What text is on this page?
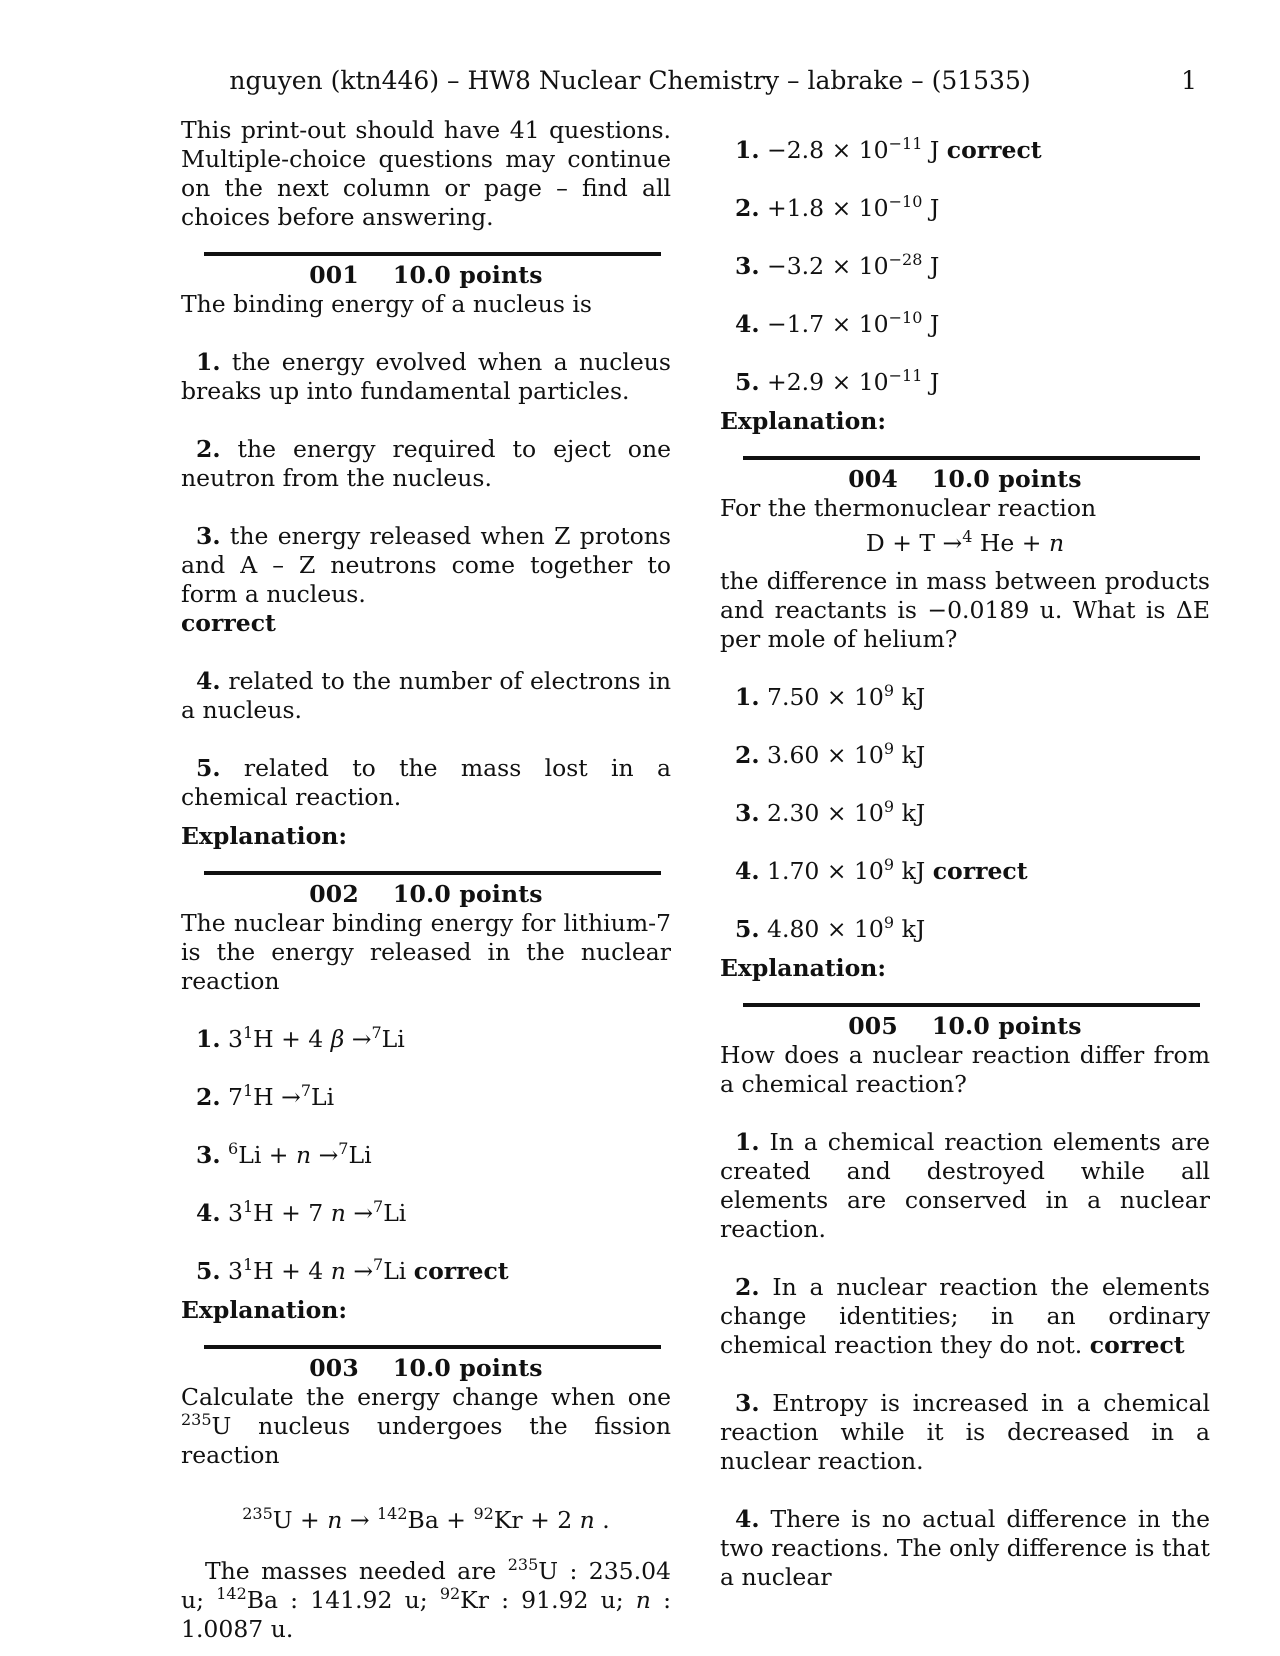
nguyen (ktn446) – HW8 Nuclear Chemistry – labrake – (51535)	1

This print-out should have 41 questions. Multiple-choice questions may continue on the next column or page – find all choices before answering.

001 10.0 points

The binding energy of a nucleus is

1. the energy evolved when a nucleus breaks up into fundamental particles.

2. the energy required to eject one neutron from the nucleus.

3. the energy released when Z protons and A – Z neutrons come together to form a nucleus.
correct

4. related to the number of electrons in a nucleus.

5. related to the mass lost in a chemical reaction.

Explanation:

002 10.0 points

The nuclear binding energy for lithium-7 is the energy released in the nuclear reaction

1. $3^1H + 4$ β →$^7$Li

2. $7^1H \to^7Li$

3. $^6$Li + n →$^7$Li

4. $3^1H + 7$ n →$^7$Li

5. $3^1H + 4$ n →$^7$Li correct

Explanation:

003 10.0 points

Calculate the energy change when one $^{235}$U nucleus undergoes the fission reaction

$^{235}$U + n → $^{142}$Ba + $^{92}$Kr + 2 n .

The masses needed are $^{235}$U : 235.04 u; $^{142}$Ba : 141.92 u; $^{92}$Kr : 91.92 u; n : 1.0087 u.

1. $-2.8 \times 10^{-11}$ J correct

2. $+1.8 \times 10^{-10}$ J

3. $-3.2 \times 10^{-28}$ J

4. $-1.7 \times 10^{-10}$ J

5. $+2.9 \times 10^{-11}$ J

Explanation:

004 10.0 points

For the thermonuclear reaction

D + T →$^4$ He + n

the difference in mass between products and reactants is −0.0189 u. What is ΔE per mole of helium?

1. $7.50 \times 10^9$ kJ

2. $3.60 \times 10^9$ kJ

3. $2.30 \times 10^9$ kJ

4. $1.70 \times 10^9$ kJ correct

5. $4.80 \times 10^9$ kJ

Explanation:

005 10.0 points

How does a nuclear reaction differ from a chemical reaction?

1. In a chemical reaction elements are created and destroyed while all elements are conserved in a nuclear reaction.

2. In a nuclear reaction the elements change identities; in an ordinary chemical reaction they do not. correct

3. Entropy is increased in a chemical reaction while it is decreased in a nuclear reaction.

4. There is no actual difference in the two reactions. The only difference is that a nuclear
